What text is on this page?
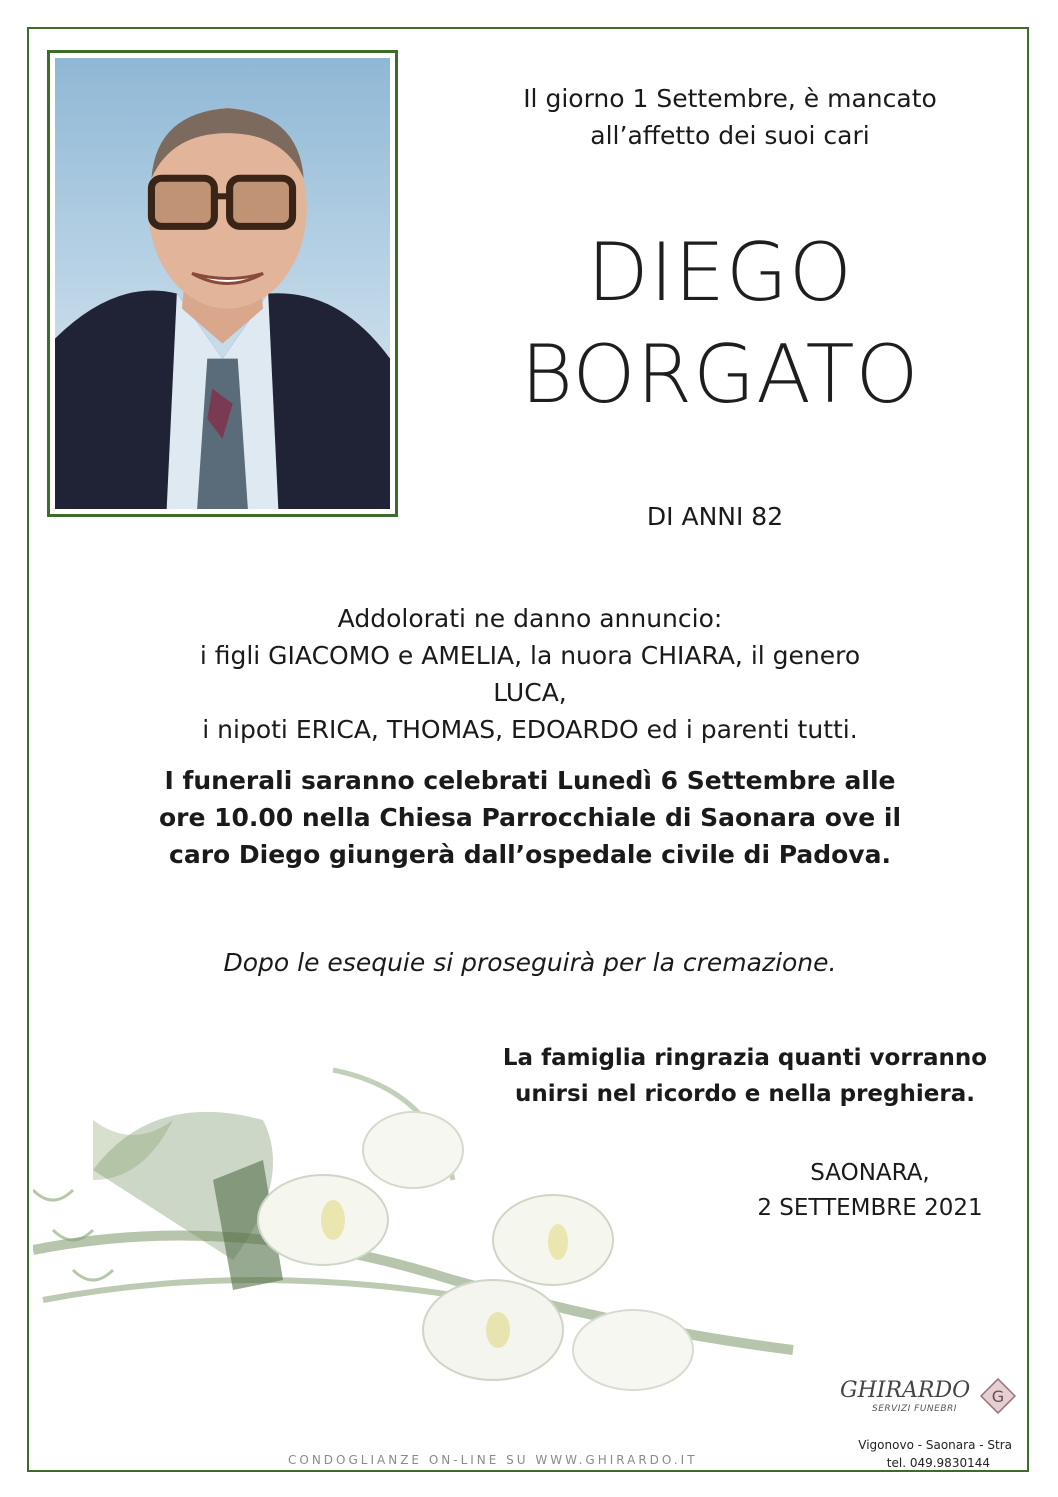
Il giorno 1 Settembre, è mancato
all’affetto dei suoi cari
DIEGO
BORGATO
DI ANNI 82
Addolorati ne danno annuncio:
i figli GIACOMO e AMELIA, la nuora CHIARA, il genero LUCA,
i nipoti ERICA, THOMAS, EDOARDO ed i parenti tutti.
I funerali saranno celebrati Lunedì 6 Settembre alle
ore 10.00 nella Chiesa Parrocchiale di Saonara ove il
caro Diego giungerà dall’ospedale civile di Padova.
Dopo le esequie si proseguirà per la cremazione.
La famiglia ringrazia quanti vorranno
unirsi nel ricordo e nella preghiera.
SAONARA,
2 SETTEMBRE 2021
CONDOGLIANZE ON-LINE SU WWW.GHIRARDO.IT
GHIRARDO
SERVIZI FUNEBRI
G
Vigonovo - Saonara - Stra
tel. 049.9830144
